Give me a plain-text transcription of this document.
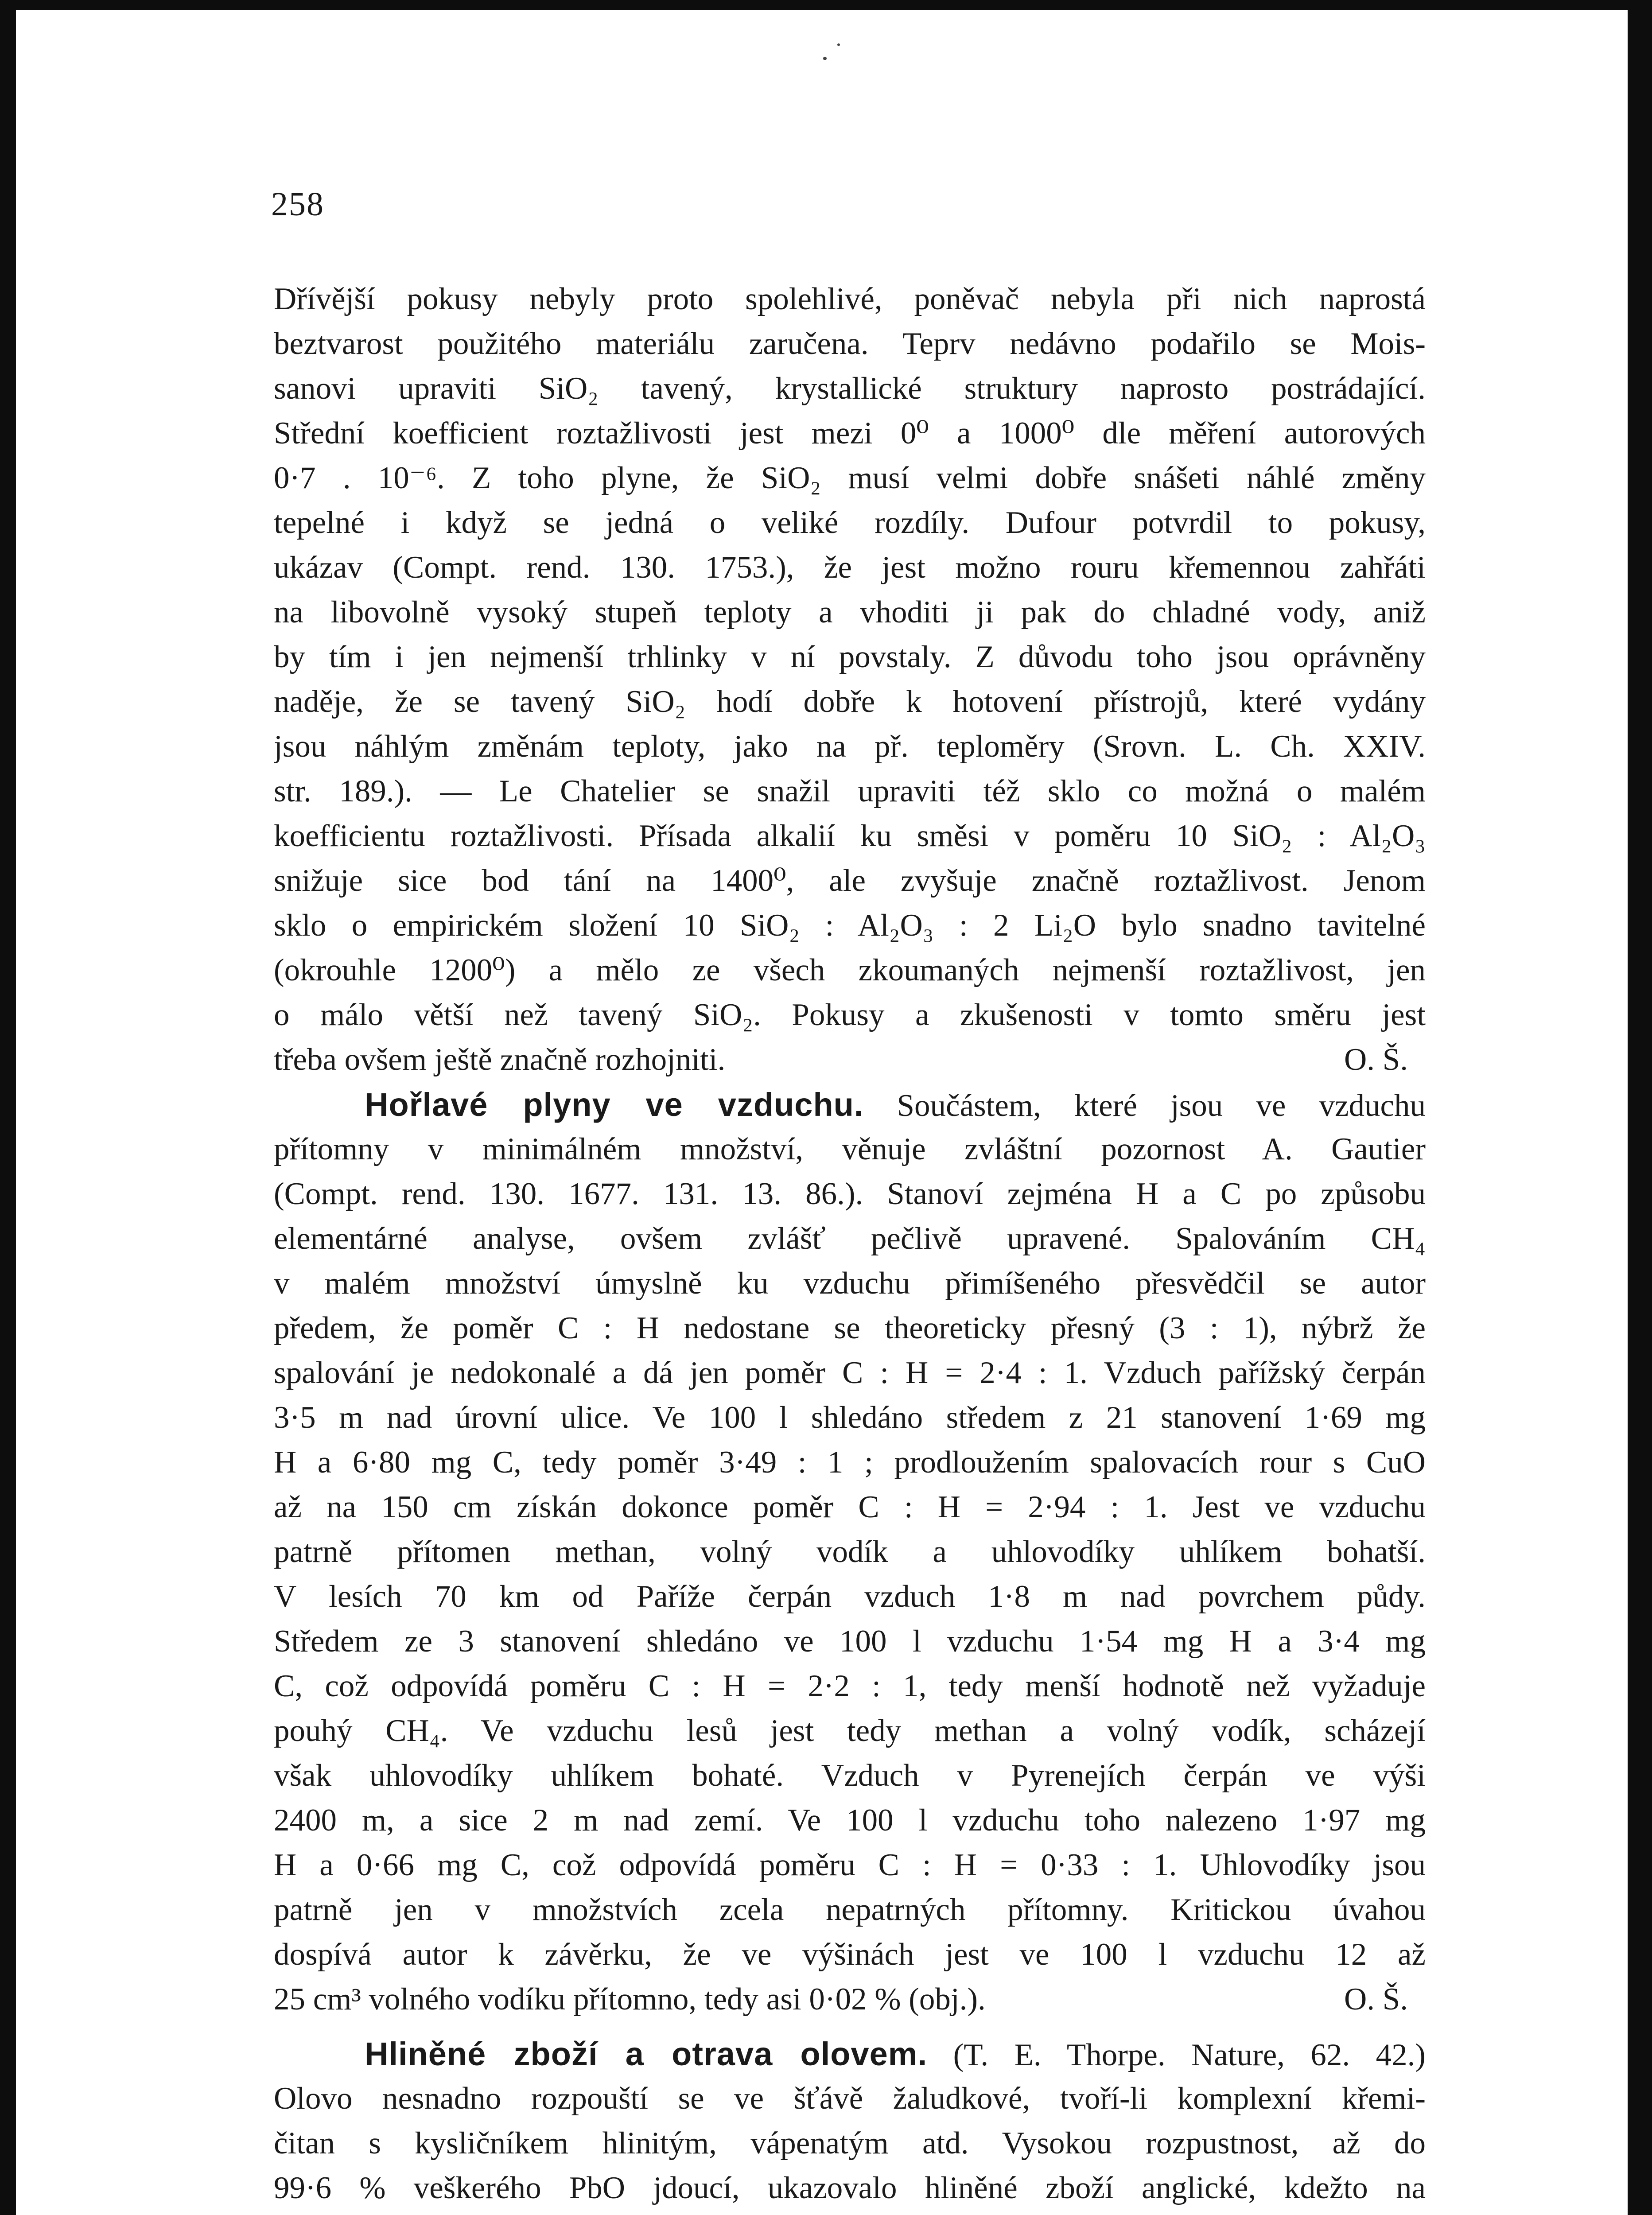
258
Dřívější pokusy nebyly proto spolehlivé, poněvač nebyla při nich naprostá
beztvarost použitého materiálu zaručena. Teprv nedávno podařilo se Mois-
sanovi upraviti SiO₂ tavený, krystallické struktury naprosto postrádající.
Střední koefficient roztažlivosti jest mezi 0⁰ a 1000⁰ dle měření autorových
0·7 . 10⁻⁶. Z toho plyne, že SiO₂ musí velmi dobře snášeti náhlé změny
tepelné i když se jedná o veliké rozdíly. Dufour potvrdil to pokusy,
ukázav (Compt. rend. 130. 1753.), že jest možno rouru křemennou zahřáti
na libovolně vysoký stupeň teploty a vhoditi ji pak do chladné vody, aniž
by tím i jen nejmenší trhlinky v ní povstaly. Z důvodu toho jsou oprávněny
naděje, že se tavený SiO₂ hodí dobře k hotovení přístrojů, které vydány
jsou náhlým změnám teploty, jako na př. teploměry (Srovn. L. Ch. XXIV.
str. 189.). — Le Chatelier se snažil upraviti též sklo co možná o malém
koefficientu roztažlivosti. Přísada alkalií ku směsi v poměru 10 SiO₂ : Al₂O₃
snižuje sice bod tání na 1400⁰, ale zvyšuje značně roztažlivost. Jenom
sklo o empirickém složení 10 SiO₂ : Al₂O₃ : 2 Li₂O bylo snadno tavitelné
(okrouhle 1200⁰) a mělo ze všech zkoumaných nejmenší roztažlivost, jen
o málo větší než tavený SiO₂. Pokusy a zkušenosti v tomto směru jest
třeba ovšem ještě značně rozhojniti.	O. Š.
Hořlavé plyny ve vzduchu. Součástem, které jsou ve vzduchu
přítomny v minimálném množství, věnuje zvláštní pozornost A. Gautier
(Compt. rend. 130. 1677. 131. 13. 86.). Stanoví zejména H a C po způsobu
elementárné analyse, ovšem zvlášť pečlivě upravené. Spalováním CH₄
v malém množství úmyslně ku vzduchu přimíšeného přesvědčil se autor
předem, že poměr C : H nedostane se theoreticky přesný (3 : 1), nýbrž že
spalování je nedokonalé a dá jen poměr C : H = 2·4 : 1. Vzduch pařížský čerpán
3·5 m nad úrovní ulice. Ve 100 l shledáno středem z 21 stanovení 1·69 mg
H a 6·80 mg C, tedy poměr 3·49 : 1 ; prodloužením spalovacích rour s CuO
až na 150 cm získán dokonce poměr C : H = 2·94 : 1. Jest ve vzduchu
patrně přítomen methan, volný vodík a uhlovodíky uhlíkem bohatší.
V lesích 70 km od Paříže čerpán vzduch 1·8 m nad povrchem půdy.
Středem ze 3 stanovení shledáno ve 100 l vzduchu 1·54 mg H a 3·4 mg
C, což odpovídá poměru C : H = 2·2 : 1, tedy menší hodnotě než vyžaduje
pouhý CH₄. Ve vzduchu lesů jest tedy methan a volný vodík, scházejí
však uhlovodíky uhlíkem bohaté. Vzduch v Pyrenejích čerpán ve výši
2400 m, a sice 2 m nad zemí. Ve 100 l vzduchu toho nalezeno 1·97 mg
H a 0·66 mg C, což odpovídá poměru C : H = 0·33 : 1. Uhlovodíky jsou
patrně jen v množstvích zcela nepatrných přítomny. Kritickou úvahou
dospívá autor k závěrku, že ve výšinách jest ve 100 l vzduchu 12 až
25 cm³ volného vodíku přítomno, tedy asi 0·02 % (obj.).	O. Š.
Hliněné zboží a otrava olovem. (T. E. Thorpe. Nature, 62. 42.)
Olovo nesnadno rozpouští se ve šťávě žaludkové, tvoří-li komplexní křemi-
čitan s kysličníkem hlinitým, vápenatým atd. Vysokou rozpustnost, až do
99·6 % veškerého PbO jdoucí, ukazovalo hliněné zboží anglické, kdežto na
